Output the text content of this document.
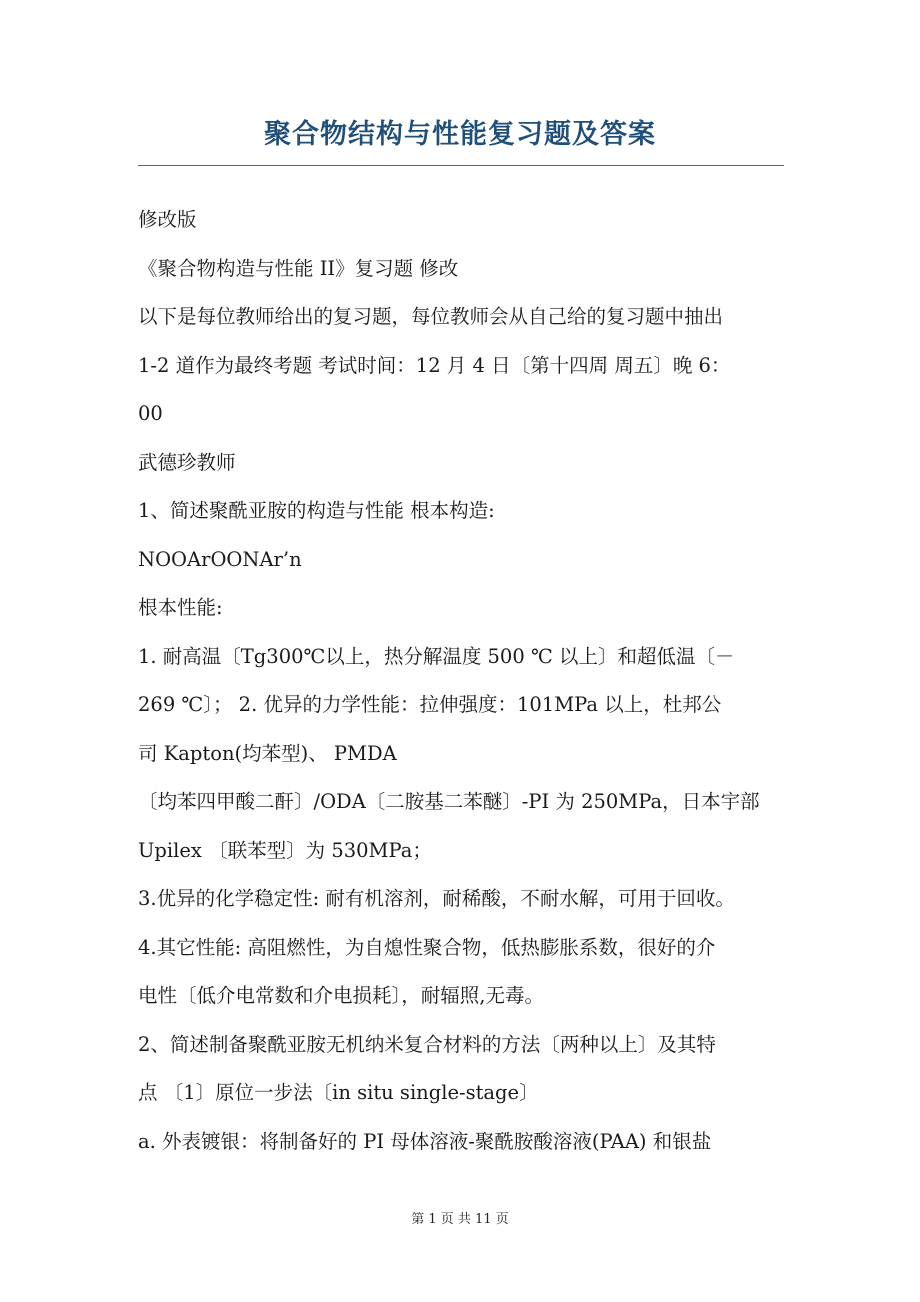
聚合物结构与性能复习题及答案

修改版

《聚合物构造与性能 II》复习题 修改

以下是每位教师给出的复习题，每位教师会从自己给的复习题中抽出

1-2 道作为最终考题 考试时间：12 月 4 日〔第十四周 周五〕晚 6：

00

武德珍教师

1、简述聚酰亚胺的构造与性能 根本构造:

NOOArOONAr’n

根本性能:

1. 耐高温〔Tg300℃以上，热分解温度 500 ℃ 以上〕和超低温〔－

269 ℃〕； 2. 优异的力学性能：拉伸强度：101MPa 以上，杜邦公

司 Kapton(均苯型)、 PMDA

〔均苯四甲酸二酐〕/ODA〔二胺基二苯醚〕-PI 为 250MPa，日本宇部

Upilex 〔联苯型〕为 530MPa；

3.优异的化学稳定性: 耐有机溶剂，耐稀酸，不耐水解，可用于回收。

4.其它性能: 高阻燃性，为自熄性聚合物，低热膨胀系数，很好的介

电性〔低介电常数和介电损耗〕，耐辐照,无毒。

2、简述制备聚酰亚胺无机纳米复合材料的方法〔两种以上〕及其特

点 〔1〕原位一步法〔in situ single-stage〕

a. 外表镀银：将制备好的 PI 母体溶液-聚酰胺酸溶液(PAA) 和银盐

第 1 页 共 11 页
